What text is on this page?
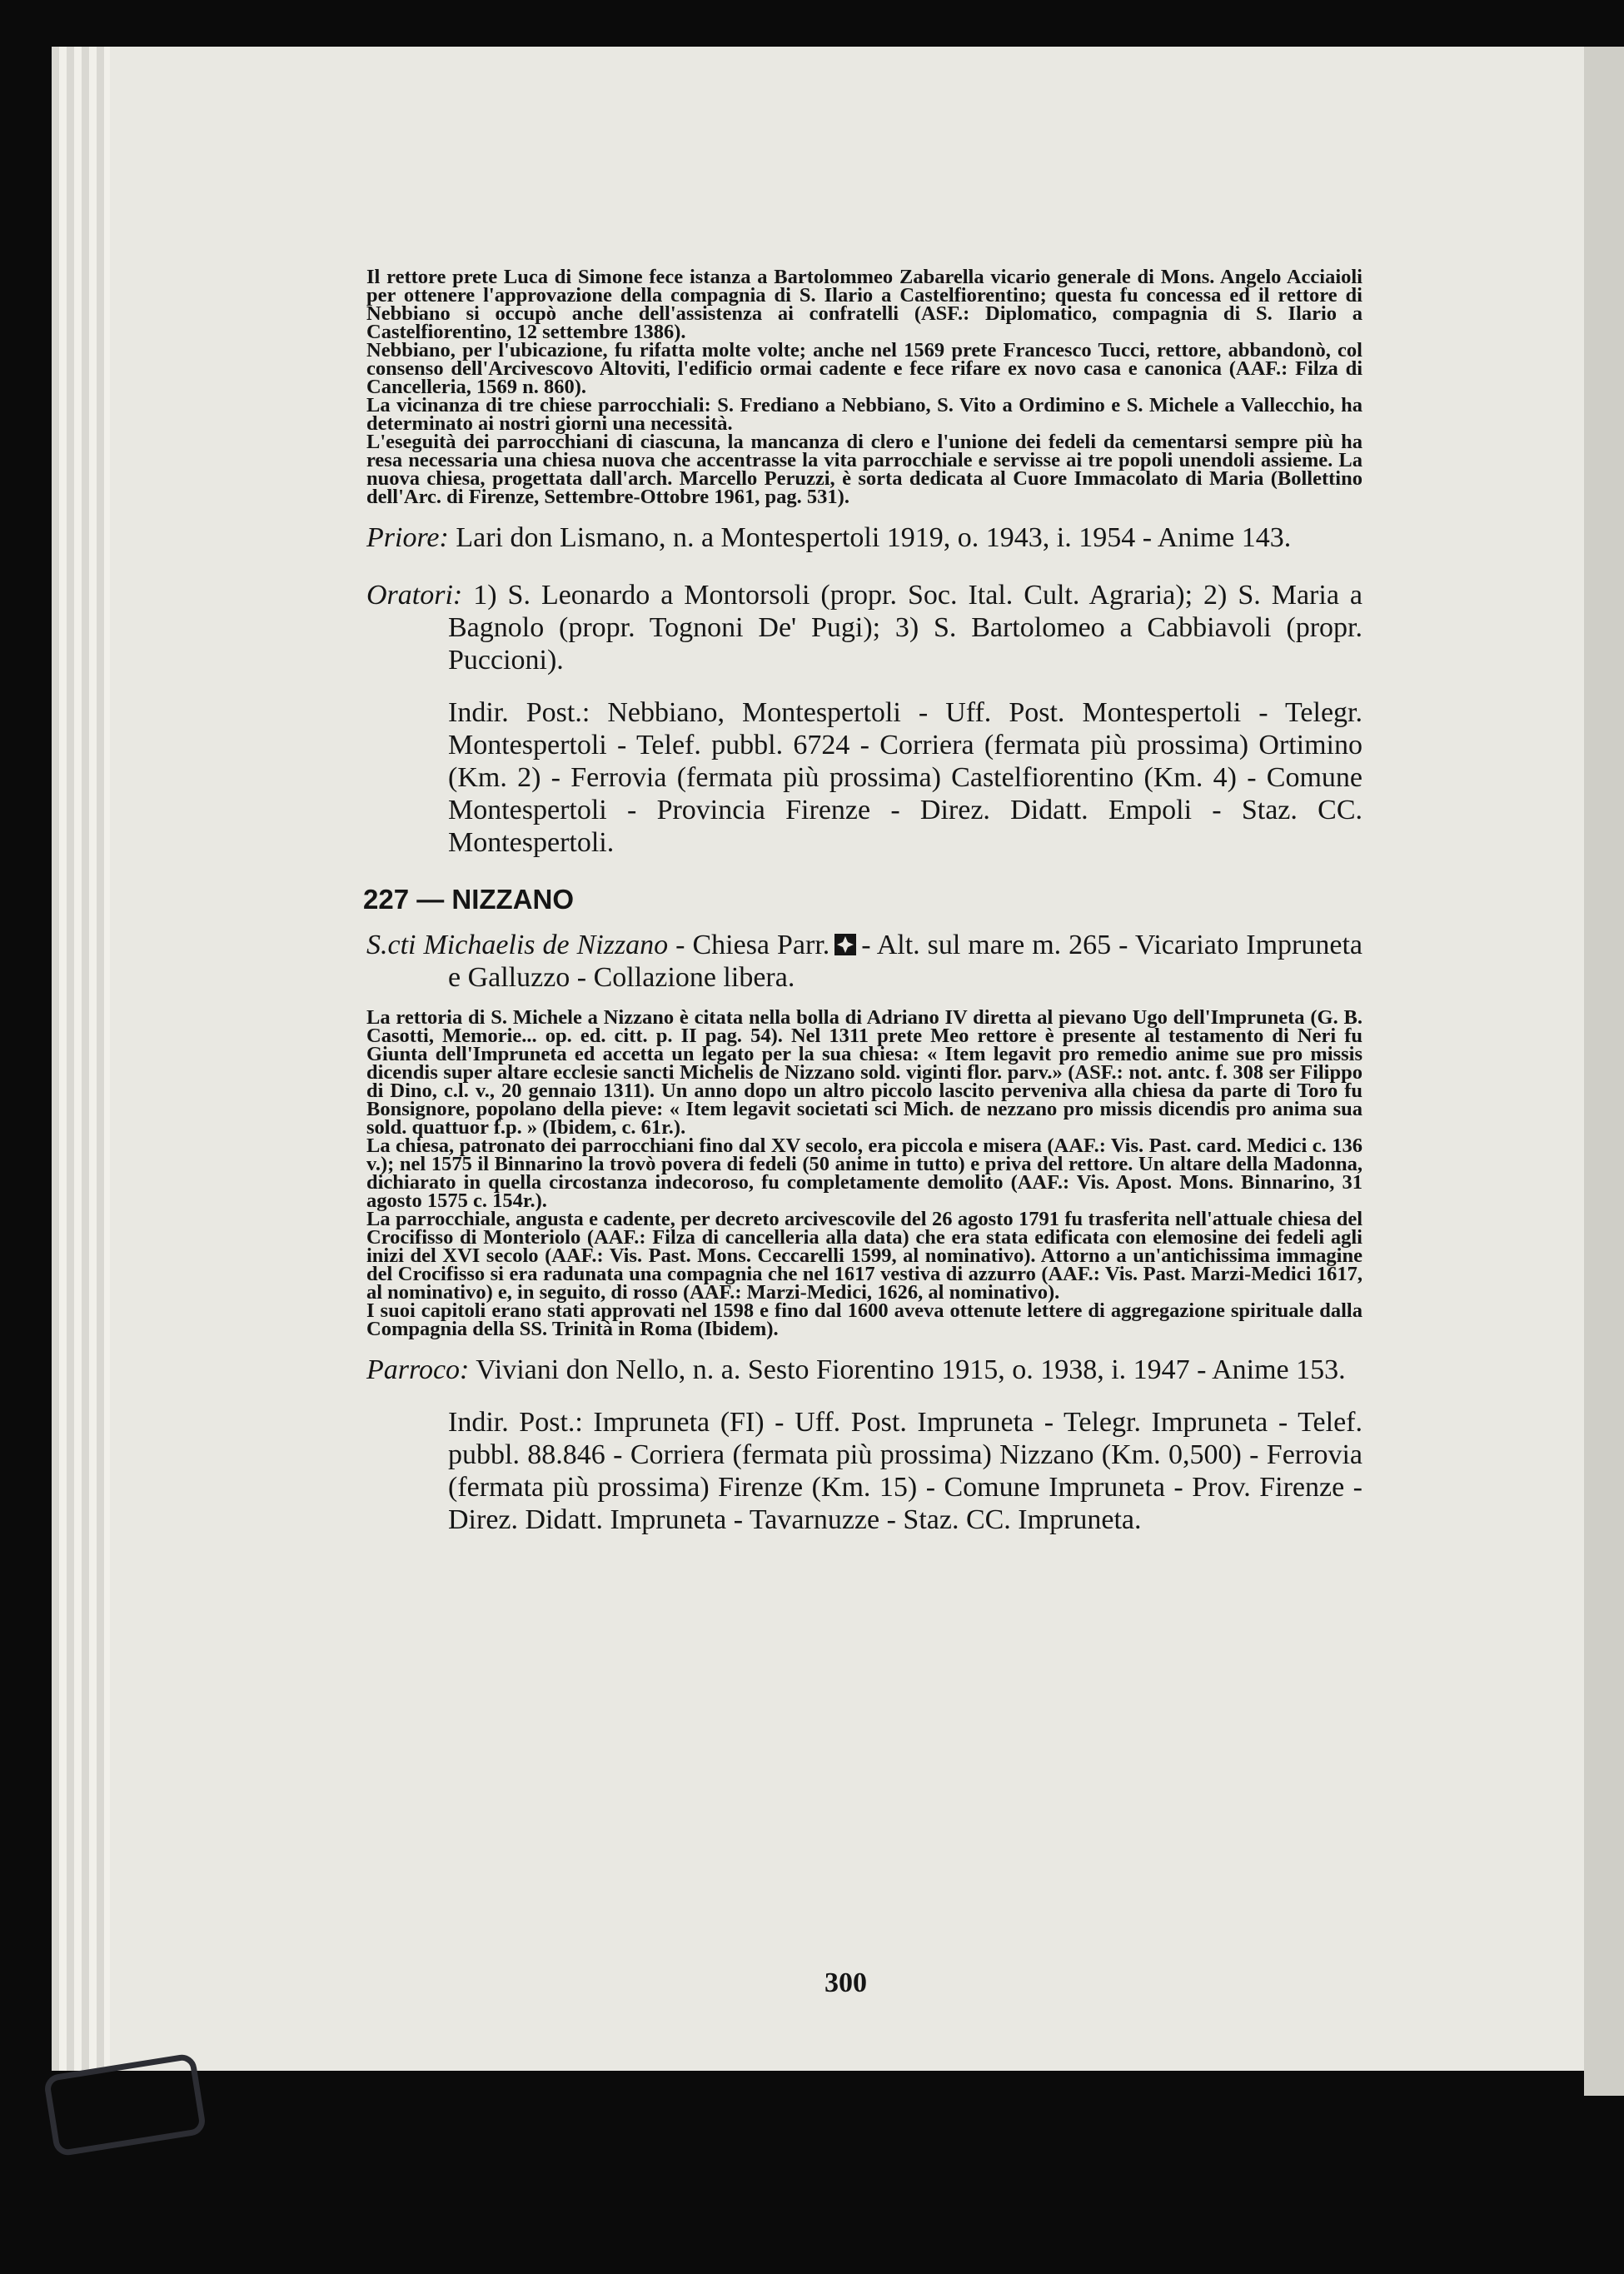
Il rettore prete Luca di Simone fece istanza a Bartolommeo Zabarella vicario generale di Mons. Angelo Acciaioli per ottenere l'approvazione della compagnia di S. Ilario a Castelfiorentino; questa fu concessa ed il rettore di Nebbiano si occupò anche dell'assistenza ai confratelli (ASF.: Diplomatico, compagnia di S. Ilario a Castelfiorentino, 12 settembre 1386).

Nebbiano, per l'ubicazione, fu rifatta molte volte; anche nel 1569 prete Francesco Tucci, rettore, abbandonò, col consenso dell'Arcivescovo Altoviti, l'edificio ormai cadente e fece rifare ex novo casa e canonica (AAF.: Filza di Cancelleria, 1569 n. 860).

La vicinanza di tre chiese parrocchiali: S. Frediano a Nebbiano, S. Vito a Ordimino e S. Michele a Vallecchio, ha determinato ai nostri giorni una necessità.

L'eseguità dei parrocchiani di ciascuna, la mancanza di clero e l'unione dei fedeli da cementarsi sempre più ha resa necessaria una chiesa nuova che accentrasse la vita parrocchiale e servisse ai tre popoli unendoli assieme. La nuova chiesa, progettata dall'arch. Marcello Peruzzi, è sorta dedicata al Cuore Immacolato di Maria (Bollettino dell'Arc. di Firenze, Settembre-Ottobre 1961, pag. 531).

Priore: Lari don Lismano, n. a Montespertoli 1919, o. 1943, i. 1954 - Anime 143.

Oratori: 1) S. Leonardo a Montorsoli (propr. Soc. Ital. Cult. Agraria); 2) S. Maria a Bagnolo (propr. Tognoni De' Pugi); 3) S. Bartolomeo a Cabbiavoli (propr. Puccioni).

Indir. Post.: Nebbiano, Montespertoli - Uff. Post. Montespertoli - Telegr. Montespertoli - Telef. pubbl. 6724 - Corriera (fermata più prossima) Ortimino (Km. 2) - Ferrovia (fermata più prossima) Castelfiorentino (Km. 4) - Comune Montespertoli - Provincia Firenze - Direz. Didatt. Empoli - Staz. CC. Montespertoli.

227 — NIZZANO

S.cti Michaelis de Nizzano - Chiesa Parr. - Alt. sul mare m. 265 - Vicariato Impruneta e Galluzzo - Collazione libera.

La rettoria di S. Michele a Nizzano è citata nella bolla di Adriano IV diretta al pievano Ugo dell'Impruneta (G. B. Casotti, Memorie... op. ed. citt. p. II pag. 54). Nel 1311 prete Meo rettore è presente al testamento di Neri fu Giunta dell'Impruneta ed accetta un legato per la sua chiesa: « Item legavit pro remedio anime sue pro missis dicendis super altare ecclesie sancti Michelis de Nizzano sold. viginti flor. parv.» (ASF.: not. antc. f. 308 ser Filippo di Dino, c.l. v., 20 gennaio 1311). Un anno dopo un altro piccolo lascito perveniva alla chiesa da parte di Toro fu Bonsignore, popolano della pieve: « Item legavit societati sci Mich. de nezzano pro missis dicendis pro anima sua sold. quattuor f.p. » (Ibidem, c. 61r.).

La chiesa, patronato dei parrocchiani fino dal XV secolo, era piccola e misera (AAF.: Vis. Past. card. Medici c. 136 v.); nel 1575 il Binnarino la trovò povera di fedeli (50 anime in tutto) e priva del rettore. Un altare della Madonna, dichiarato in quella circostanza indecoroso, fu completamente demolito (AAF.: Vis. Apost. Mons. Binnarino, 31 agosto 1575 c. 154r.).

La parrocchiale, angusta e cadente, per decreto arcivescovile del 26 agosto 1791 fu trasferita nell'attuale chiesa del Crocifisso di Monteriolo (AAF.: Filza di cancelleria alla data) che era stata edificata con elemosine dei fedeli agli inizi del XVI secolo (AAF.: Vis. Past. Mons. Ceccarelli 1599, al nominativo). Attorno a un'antichissima immagine del Crocifisso si era radunata una compagnia che nel 1617 vestiva di azzurro (AAF.: Vis. Past. Marzi-Medici 1617, al nominativo) e, in seguito, di rosso (AAF.: Marzi-Medici, 1626, al nominativo).

I suoi capitoli erano stati approvati nel 1598 e fino dal 1600 aveva ottenute lettere di aggregazione spirituale dalla Compagnia della SS. Trinità in Roma (Ibidem).

Parroco: Viviani don Nello, n. a. Sesto Fiorentino 1915, o. 1938, i. 1947 - Anime 153.

Indir. Post.: Impruneta (FI) - Uff. Post. Impruneta - Telegr. Impruneta - Telef. pubbl. 88.846 - Corriera (fermata più prossima) Nizzano (Km. 0,500) - Ferrovia (fermata più prossima) Firenze (Km. 15) - Comune Impruneta - Prov. Firenze - Direz. Didatt. Impruneta - Tavarnuzze - Staz. CC. Impruneta.

300
